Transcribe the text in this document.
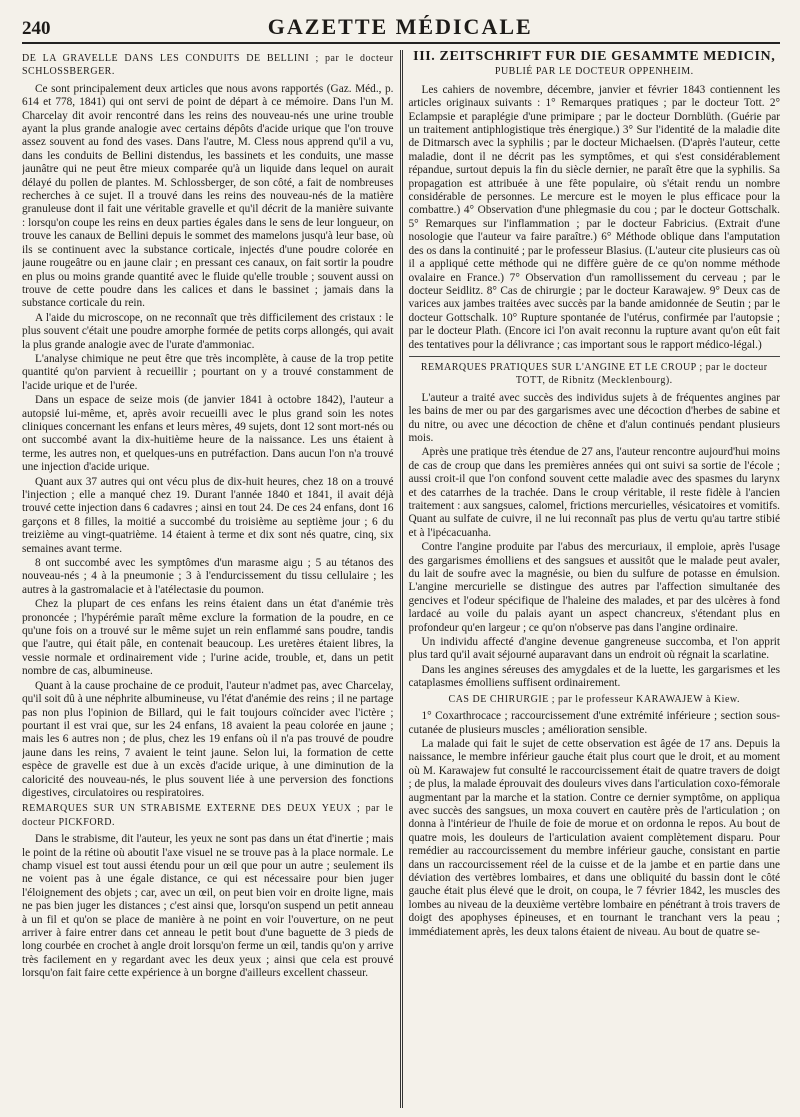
240	GAZETTE MÉDICALE

DE LA GRAVELLE DANS LES CONDUITS DE BELLINI ; par le docteur SCHLOSSBERGER.

Ce sont principalement deux articles que nous avons rapportés (Gaz. Méd., p. 614 et 778, 1841) qui ont servi de point de départ à ce mémoire. Dans l'un M. Charcelay dit avoir rencontré dans les reins des nouveau-nés une urine trouble ayant la plus grande analogie avec certains dépôts d'acide urique que l'on trouve assez souvent au fond des vases. Dans l'autre, M. Cless nous apprend qu'il a vu, dans les conduits de Bellini distendus, les bassinets et les conduits, une masse jaunâtre qui ne peut être mieux comparée qu'à un liquide dans lequel on aurait délayé du pollen de plantes. M. Schlossberger, de son côté, a fait de nombreuses recherches à ce sujet. Il a trouvé dans les reins des nouveau-nés de la matière granuleuse dont il fait une véritable gravelle et qu'il décrit de la manière suivante : lorsqu'on coupe les reins en deux parties égales dans le sens de leur longueur, on trouve les canaux de Bellini depuis le sommet des mamelons jusqu'à leur base, où ils se continuent avec la substance corticale, injectés d'une poudre colorée en jaune rougeâtre ou en jaune clair ; en pressant ces canaux, on fait sortir la poudre en plus ou moins grande quantité avec le fluide qu'elle trouble ; souvent aussi on trouve de cette poudre dans les calices et dans le bassinet ; jamais dans la substance corticale du rein.

A l'aide du microscope, on ne reconnaît que très difficilement des cristaux : le plus souvent c'était une poudre amorphe formée de petits corps allongés, qui avait la plus grande analogie avec de l'urate d'ammoniac.

L'analyse chimique ne peut être que très incomplète, à cause de la trop petite quantité qu'on parvient à recueillir ; pourtant on y a trouvé constamment de l'acide urique et de l'urée.

Dans un espace de seize mois (de janvier 1841 à octobre 1842), l'auteur a autopsié lui-même, et, après avoir recueilli avec le plus grand soin les notes cliniques concernant les enfans et leurs mères, 49 sujets, dont 12 sont mort-nés ou ont succombé avant la dix-huitième heure de la naissance. Les uns étaient à terme, les autres non, et quelques-uns en putréfaction. Dans aucun l'on n'a trouvé une injection d'acide urique.

Quant aux 37 autres qui ont vécu plus de dix-huit heures, chez 18 on a trouvé l'injection ; elle a manqué chez 19. Durant l'année 1840 et 1841, il avait déjà trouvé cette injection dans 6 cadavres ; ainsi en tout 24. De ces 24 enfans, dont 16 garçons et 8 filles, la moitié a succombé du troisième au septième jour ; 6 du treizième au vingt-quatrième. 14 étaient à terme et dix sont nés quatre, cinq, six semaines avant terme.

8 ont succombé avec les symptômes d'un marasme aigu ; 5 au tétanos des nouveau-nés ; 4 à la pneumonie ; 3 à l'endurcissement du tissu cellulaire ; les autres à la gastromalacie et à l'atélectasie du poumon.

Chez la plupart de ces enfans les reins étaient dans un état d'anémie très prononcée ; l'hypérémie paraît même exclure la formation de la poudre, en ce qu'une fois on a trouvé sur le même sujet un rein enflammé sans poudre, tandis que l'autre, qui était pâle, en contenait beaucoup. Les uretères étaient libres, la vessie normale et ordinairement vide ; l'urine acide, trouble, et, dans un petit nombre de cas, albumineuse.

Quant à la cause prochaine de ce produit, l'auteur n'admet pas, avec Charcelay, qu'il soit dû à une néphrite albumineuse, vu l'état d'anémie des reins ; il ne partage pas non plus l'opinion de Billard, qui le fait toujours coïncider avec l'ictère ; pourtant il est vrai que, sur les 24 enfans, 18 avaient la peau colorée en jaune ; mais les 6 autres non ; de plus, chez les 19 enfans où il n'a pas trouvé de poudre jaune dans les reins, 7 avaient le teint jaune. Selon lui, la formation de cette espèce de gravelle est due à un excès d'acide urique, à une diminution de la caloricité des nouveau-nés, le plus souvent liée à une perversion des fonctions digestives, circulatoires ou respiratoires.

REMARQUES SUR UN STRABISME EXTERNE DES DEUX YEUX ; par le docteur PICKFORD.

Dans le strabisme, dit l'auteur, les yeux ne sont pas dans un état d'inertie ; mais le point de la rétine où aboutit l'axe visuel ne se trouve pas à la place normale. Le champ visuel est tout aussi étendu pour un œil que pour un autre ; seulement ils ne voient pas à une égale distance, ce qui est nécessaire pour bien juger l'éloignement des objets ; car, avec un œil, on peut bien voir en droite ligne, mais ne pas bien juger les distances ; c'est ainsi que, lorsqu'on suspend un petit anneau à un fil et qu'on se place de manière à ne point en voir l'ouverture, on ne peut arriver à faire entrer dans cet anneau le petit bout d'une baguette de 3 pieds de long courbée en crochet à angle droit lorsqu'on ferme un œil, tandis qu'on y arrive très facilement en y regardant avec les deux yeux ; ainsi que cela est prouvé lorsqu'on fait faire cette expérience à un borgne d'ailleurs excellent chasseur.

III. ZEITSCHRIFT FUR DIE GESAMMTE MEDICIN,

PUBLIÉ PAR LE DOCTEUR OPPENHEIM.

Les cahiers de novembre, décembre, janvier et février 1843 contiennent les articles originaux suivants : 1° Remarques pratiques ; par le docteur Tott. 2° Eclampsie et paraplégie d'une primipare ; par le docteur Dornblüth. (Guérie par un traitement antiphlogistique très énergique.) 3° Sur l'identité de la maladie dite de Ditmarsch avec la syphilis ; par le docteur Michaelsen. (D'après l'auteur, cette maladie, dont il ne décrit pas les symptômes, et qui s'est considérablement répandue, surtout depuis la fin du siècle dernier, ne paraît être que la syphilis. Sa propagation est attribuée à une fête populaire, où s'était rendu un nombre considérable de personnes. Le mercure est le moyen le plus efficace pour la combattre.) 4° Observation d'une phlegmasie du cou ; par le docteur Gottschalk. 5° Remarques sur l'inflammation ; par le docteur Fabricius. (Extrait d'une nosologie que l'auteur va faire paraître.) 6° Méthode oblique dans l'amputation des os dans la continuité ; par le professeur Blasius. (L'auteur cite plusieurs cas où il a appliqué cette méthode qui ne diffère guère de ce qu'on nomme méthode ovalaire en France.) 7° Observation d'un ramollissement du cerveau ; par le docteur Seidlitz. 8° Cas de chirurgie ; par le docteur Karawajew. 9° Deux cas de varices aux jambes traitées avec succès par la bande amidonnée de Seutin ; par le docteur Gottschalk. 10° Rupture spontanée de l'utérus, confirmée par l'autopsie ; par le docteur Plath. (Encore ici l'on avait reconnu la rupture avant qu'on eût fait des tentatives pour la délivrance ; cas important sous le rapport médico-légal.)

REMARQUES PRATIQUES SUR L'ANGINE ET LE CROUP ; par le docteur TOTT, de Ribnitz (Mecklenbourg).

L'auteur a traité avec succès des individus sujets à de fréquentes angines par les bains de mer ou par des gargarismes avec une décoction d'herbes de sabine et du nitre, ou avec une décoction de chêne et d'alun continués pendant plusieurs mois.

Après une pratique très étendue de 27 ans, l'auteur rencontre aujourd'hui moins de cas de croup que dans les premières années qui ont suivi sa sortie de l'école ; aussi croit-il que l'on confond souvent cette maladie avec des spasmes du larynx et des catarrhes de la trachée. Dans le croup véritable, il reste fidèle à l'ancien traitement : aux sangsues, calomel, frictions mercurielles, vésicatoires et vomitifs. Quant au sulfate de cuivre, il ne lui reconnaît pas plus de vertu qu'au tartre stibié et à l'ipécacuanha.

Contre l'angine produite par l'abus des mercuriaux, il emploie, après l'usage des gargarismes émolliens et des sangsues et aussitôt que le malade peut avaler, du lait de soufre avec la magnésie, ou bien du sulfure de potasse en émulsion. L'angine mercurielle se distingue des autres par l'affection simultanée des gencives et l'odeur spécifique de l'haleine des malades, et par des ulcères à fond lardacé au voile du palais ayant un aspect chancreux, s'étendant plus en profondeur qu'en largeur ; ce qu'on n'observe pas dans l'angine ordinaire.

Un individu affecté d'angine devenue gangreneuse succomba, et l'on apprit plus tard qu'il avait séjourné auparavant dans un endroit où régnait la scarlatine.

Dans les angines séreuses des amygdales et de la luette, les gargarismes et les cataplasmes émolliens suffisent ordinairement.

CAS DE CHIRURGIE ; par le professeur KARAWAJEW à Kiew.

1° Coxarthrocace ; raccourcissement d'une extrémité inférieure ; section sous-cutanée de plusieurs muscles ; amélioration sensible.

La malade qui fait le sujet de cette observation est âgée de 17 ans. Depuis la naissance, le membre inférieur gauche était plus court que le droit, et au moment où M. Karawajew fut consulté le raccourcissement était de quatre travers de doigt ; de plus, la malade éprouvait des douleurs vives dans l'articulation coxo-fémorale augmentant par la marche et la station. Contre ce dernier symptôme, on appliqua avec succès des sangsues, un moxa couvert en cautère près de l'articulation ; on donna à l'intérieur de l'huile de foie de morue et on ordonna le repos. Au bout de quatre mois, les douleurs de l'articulation avaient complètement disparu. Pour remédier au raccourcissement du membre inférieur gauche, consistant en partie dans un raccourcissement réel de la cuisse et de la jambe et en partie dans une déviation des vertèbres lombaires, et dans une obliquité du bassin dont le côté gauche était plus élevé que le droit, on coupa, le 7 février 1842, les muscles des lombes au niveau de la deuxième vertèbre lombaire en pénétrant à trois travers de doigt des apophyses épineuses, et en tournant le tranchant vers la peau ; immédiatement après, les deux talons étaient de niveau. Au bout de quatre se-
